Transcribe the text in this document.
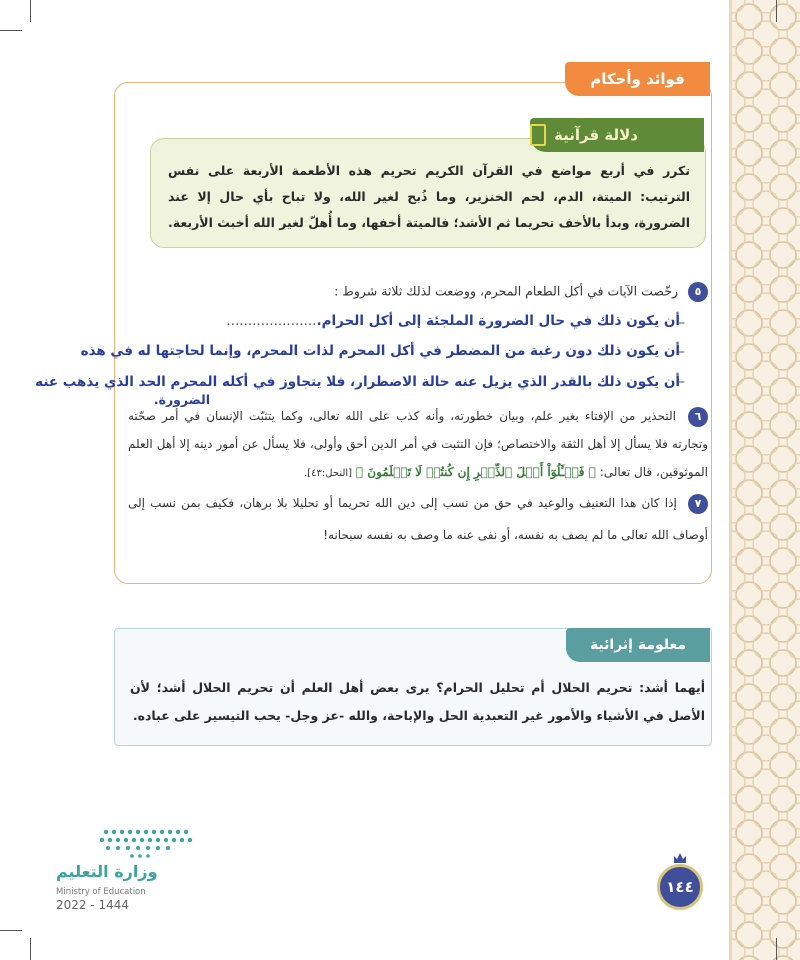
فوائد وأحكام
دلالة قرآنية
تكرر في أربع مواضع في القرآن الكريم تحريم هذه الأطعمة الأربعة على نفس الترتيب: الميتة، الدم، لحم الخنزير، وما ذُبح لغير الله، ولا تباح بأي حال إلا عند الضرورة، وبدأ بالأخف تحريما ثم الأشد؛ فالميتة أخفها، وما أُهلّ لغير الله أخبث الأربعة.
٥ رخّصت الآيات في أكل الطعام المحرم، ووضعت لذلك ثلاثة شروط :
–
أن يكون ذلك في حال الضرورة الملجئة إلى أكل الحرام......................
–
أن يكون ذلك دون رغبة من المضطر في أكل المحرم لذات المحرم، وإنما لحاجتها له في هذه
–
أن يكون ذلك بالقدر الذي يزيل عنه حالة الاضطرار، فلا يتجاوز في أكله المحرم الحد الذي يذهب عنه
الضرورة.
٦ التحذير من الإفتاء بغير علم، وبيان خطورته، وأنه كذب على الله تعالى، وكما يتثبّت الإنسان في أمر صحّته وتجارته فلا يسأل إلا أهل الثقة والاختصاص؛ فإن التثبت في أمر الدين أحق وأولى، فلا يسأل عن أمور دينه إلا أهل العلم الموثوقين، قال تعالى: ﴿ فَسۡـَٔلُوٓاْ أَهۡلَ ٱلذِّكۡرِ إِن كُنتُمۡ لَا تَعۡلَمُونَ ﴾ [النحل:٤٣].
٧ إذا كان هذا التعنيف والوعيد في حق من نسب إلى دين الله تحريما أو تحليلا بلا برهان، فكيف بمن نسب إلى أوصاف الله تعالى ما لم يصف به نفسه، أو نفى عنه ما وصف به نفسه سبحانه!
معلومة إثرائية
أيهما أشد: تحريم الحلال أم تحليل الحرام؟ يرى بعض أهل العلم أن تحريم الحلال أشد؛ لأن الأصل في الأشياء والأمور غير التعبدية الحل والإباحة، والله -عز وجل- يحب التيسير على عباده.
وزارة التعليم
Ministry of Education
2022 - 1444
١٤٤
